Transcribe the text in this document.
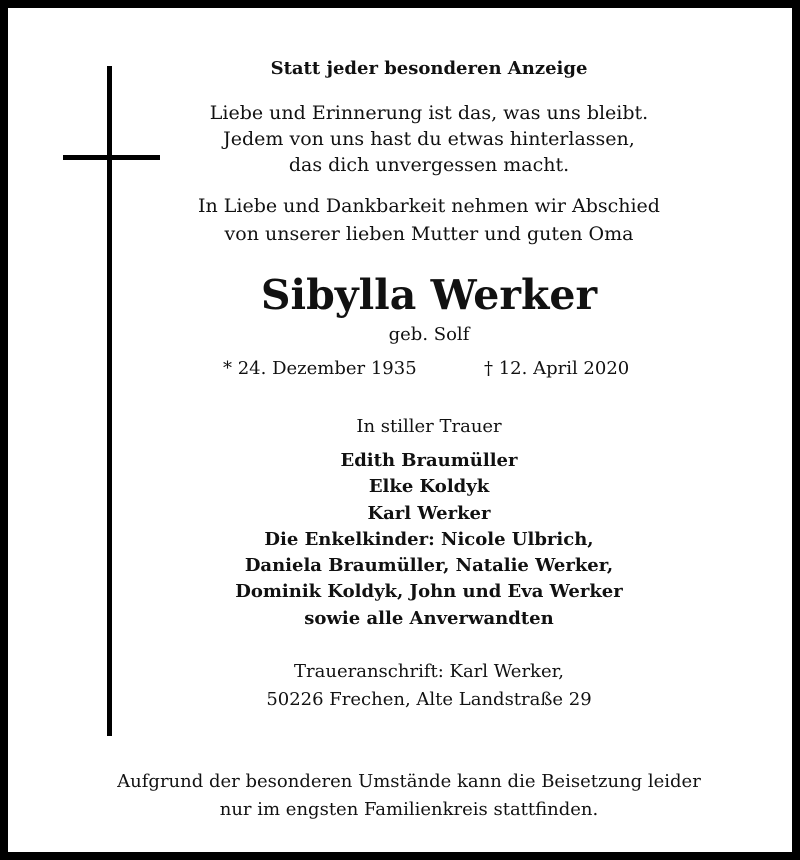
Statt jeder besonderen Anzeige
Liebe und Erinnerung ist das, was uns bleibt.
Jedem von uns hast du etwas hinterlassen,
das dich unvergessen macht.
In Liebe und Dankbarkeit nehmen wir Abschied
von unserer lieben Mutter und guten Oma
Sibylla Werker
geb. Solf
* 24. Dezember 1935	† 12. April 2020
In stiller Trauer
Edith Braumüller
Elke Koldyk
Karl Werker
Die Enkelkinder: Nicole Ulbrich,
Daniela Braumüller, Natalie Werker,
Dominik Koldyk, John und Eva Werker
sowie alle Anverwandten
Traueranschrift: Karl Werker,
50226 Frechen, Alte Landstraße 29
Aufgrund der besonderen Umstände kann die Beisetzung leider
nur im engsten Familienkreis stattfinden.
